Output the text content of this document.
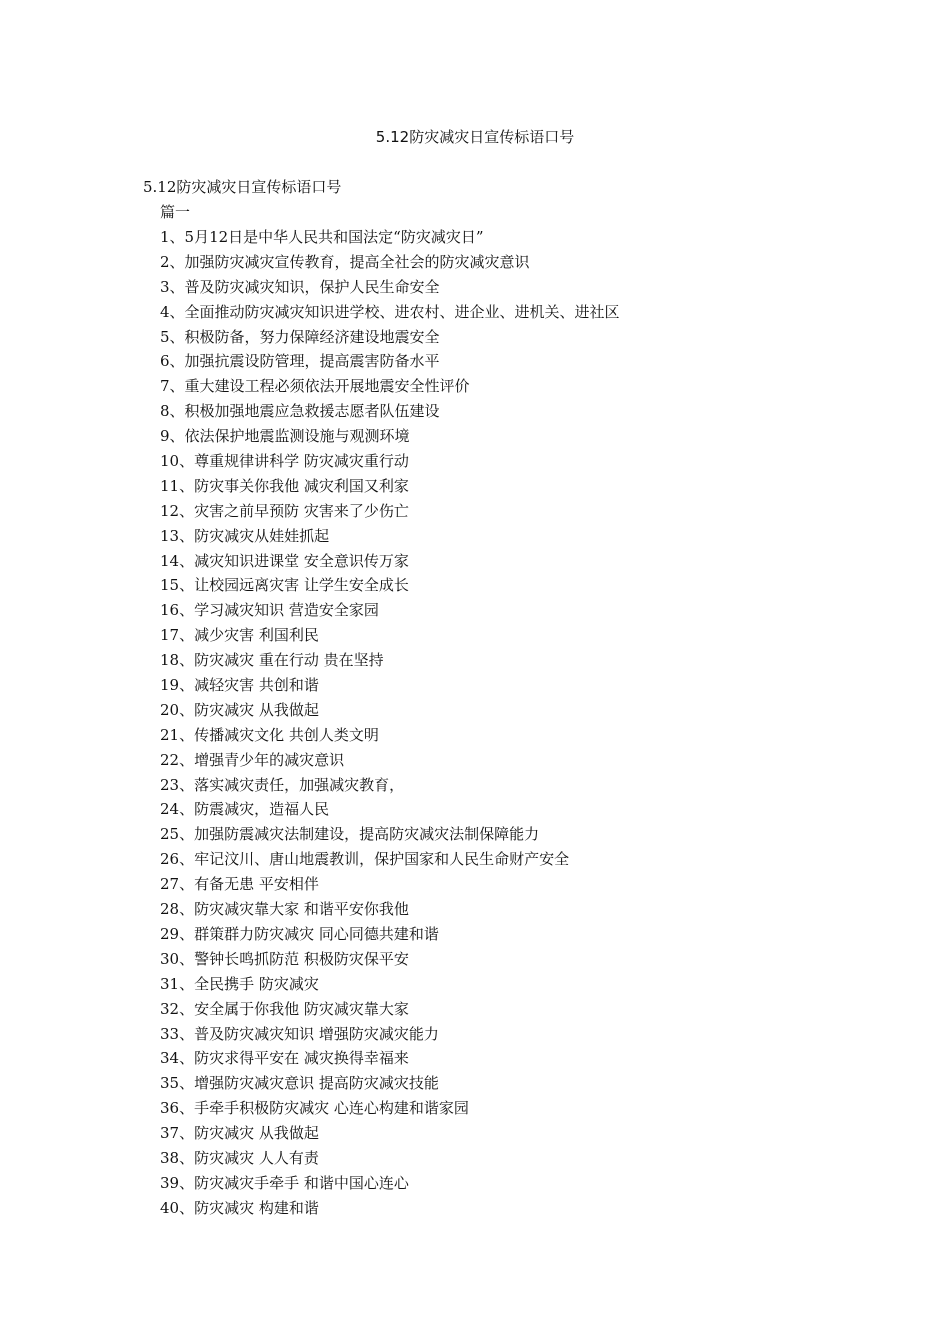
5.12防灾减灾日宣传标语口号
5.12防灾减灾日宣传标语口号
篇一
1、5月12日是中华人民共和国法定“防灾减灾日”
2、加强防灾减灾宣传教育，提高全社会的防灾减灾意识
3、普及防灾减灾知识，保护人民生命安全
4、全面推动防灾减灾知识进学校、进农村、进企业、进机关、进社区
5、积极防备，努力保障经济建设地震安全
6、加强抗震设防管理，提高震害防备水平
7、重大建设工程必须依法开展地震安全性评价
8、积极加强地震应急救援志愿者队伍建设
9、依法保护地震监测设施与观测环境
10、尊重规律讲科学 防灾减灾重行动
11、防灾事关你我他 减灾利国又利家
12、灾害之前早预防 灾害来了少伤亡
13、防灾减灾从娃娃抓起
14、减灾知识进课堂 安全意识传万家
15、让校园远离灾害 让学生安全成长
16、学习减灾知识 营造安全家园
17、减少灾害 利国利民
18、防灾减灾 重在行动 贵在坚持
19、减轻灾害 共创和谐
20、防灾减灾 从我做起
21、传播减灾文化 共创人类文明
22、增强青少年的减灾意识
23、落实减灾责任，加强减灾教育，
24、防震减灾，造福人民
25、加强防震减灾法制建设，提高防灾减灾法制保障能力
26、牢记汶川、唐山地震教训，保护国家和人民生命财产安全
27、有备无患 平安相伴
28、防灾减灾靠大家 和谐平安你我他
29、群策群力防灾减灾 同心同德共建和谐
30、警钟长鸣抓防范 积极防灾保平安
31、全民携手 防灾减灾
32、安全属于你我他 防灾减灾靠大家
33、普及防灾减灾知识 增强防灾减灾能力
34、防灾求得平安在 减灾换得幸福来
35、增强防灾减灾意识 提高防灾减灾技能
36、手牵手积极防灾减灾 心连心构建和谐家园
37、防灾减灾 从我做起
38、防灾减灾 人人有责
39、防灾减灾手牵手 和谐中国心连心
40、防灾减灾 构建和谐
